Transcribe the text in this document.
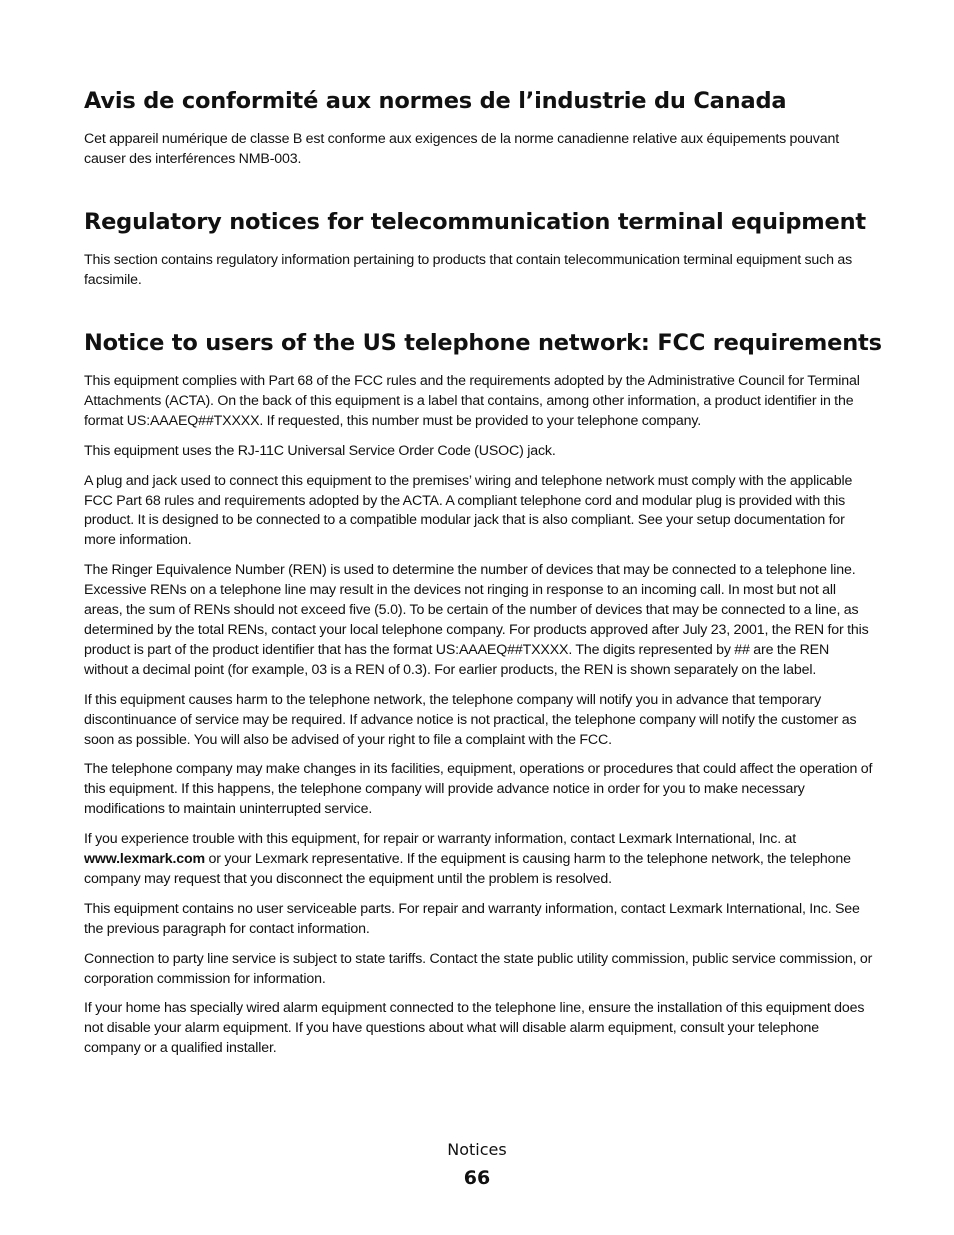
Avis de conformité aux normes de l’industrie du Canada

Cet appareil numérique de classe B est conforme aux exigences de la norme canadienne relative aux équipements pouvant causer des interférences NMB-003.

Regulatory notices for telecommunication terminal equipment

This section contains regulatory information pertaining to products that contain telecommunication terminal equipment such as facsimile.

Notice to users of the US telephone network: FCC requirements

This equipment complies with Part 68 of the FCC rules and the requirements adopted by the Administrative Council for Terminal Attachments (ACTA). On the back of this equipment is a label that contains, among other information, a product identifier in the format US:AAAEQ##TXXXX. If requested, this number must be provided to your telephone company.

This equipment uses the RJ-11C Universal Service Order Code (USOC) jack.

A plug and jack used to connect this equipment to the premises’ wiring and telephone network must comply with the applicable FCC Part 68 rules and requirements adopted by the ACTA. A compliant telephone cord and modular plug is provided with this product. It is designed to be connected to a compatible modular jack that is also compliant. See your setup documentation for more information.

The Ringer Equivalence Number (REN) is used to determine the number of devices that may be connected to a telephone line. Excessive RENs on a telephone line may result in the devices not ringing in response to an incoming call. In most but not all areas, the sum of RENs should not exceed five (5.0). To be certain of the number of devices that may be connected to a line, as determined by the total RENs, contact your local telephone company. For products approved after July 23, 2001, the REN for this product is part of the product identifier that has the format US:AAAEQ##TXXXX. The digits represented by ## are the REN without a decimal point (for example, 03 is a REN of 0.3). For earlier products, the REN is shown separately on the label.

If this equipment causes harm to the telephone network, the telephone company will notify you in advance that temporary discontinuance of service may be required. If advance notice is not practical, the telephone company will notify the customer as soon as possible. You will also be advised of your right to file a complaint with the FCC.

The telephone company may make changes in its facilities, equipment, operations or procedures that could affect the operation of this equipment. If this happens, the telephone company will provide advance notice in order for you to make necessary modifications to maintain uninterrupted service.

If you experience trouble with this equipment, for repair or warranty information, contact Lexmark International, Inc. at www.lexmark.com or your Lexmark representative. If the equipment is causing harm to the telephone network, the telephone company may request that you disconnect the equipment until the problem is resolved.

This equipment contains no user serviceable parts. For repair and warranty information, contact Lexmark International, Inc. See the previous paragraph for contact information.

Connection to party line service is subject to state tariffs. Contact the state public utility commission, public service commission, or corporation commission for information.

If your home has specially wired alarm equipment connected to the telephone line, ensure the installation of this equipment does not disable your alarm equipment. If you have questions about what will disable alarm equipment, consult your telephone company or a qualified installer.

Notices
66
